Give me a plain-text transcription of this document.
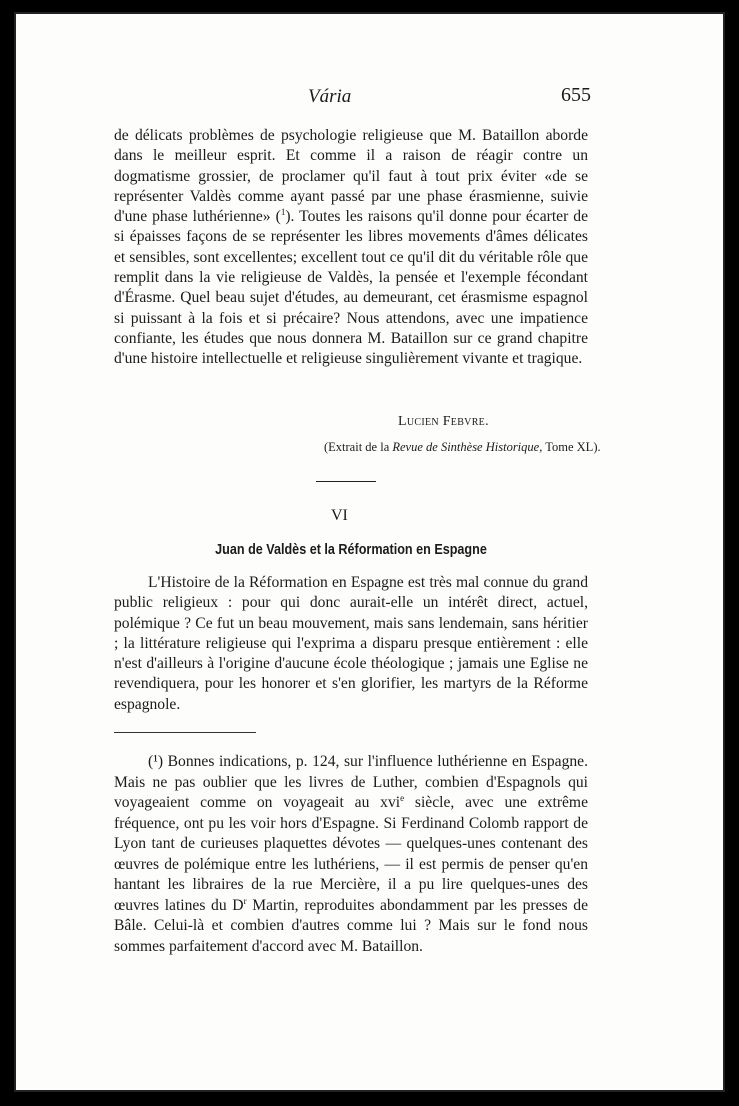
Vária	655

de délicats problèmes de psychologie religieuse que M. Bataillon aborde dans le meilleur esprit. Et comme il a raison de réagir contre un dogmatisme grossier, de proclamer qu'il faut à tout prix éviter «de se représenter Valdès comme ayant passé par une phase érasmienne, suivie d'une phase luthérienne» ($^1$). Toutes les raisons qu'il donne pour écarter de si épaisses façons de se représenter les libres movements d'âmes délicates et sensibles, sont excellentes; excellent tout ce qu'il dit du véritable rôle que remplit dans la vie religieuse de Valdès, la pensée et l'exemple fécondant d'Érasme. Quel beau sujet d'études, au demeurant, cet érasmisme espagnol si puissant à la fois et si précaire? Nous attendons, avec une impatience confiante, les études que nous donnera M. Bataillon sur ce grand chapitre d'une histoire intellectuelle et religieuse singulièrement vivante et tragique.

Lucien Febvre.
(Extrait de la Revue de Sinthèse Historique, Tome XL).
VI
Juan de Valdès et la Réformation en Espagne

L'Histoire de la Réformation en Espagne est très mal connue du grand public religieux : pour qui donc aurait-elle un intérêt direct, actuel, polémique ? Ce fut un beau mouvement, mais sans lendemain, sans héritier ; la littérature religieuse qui l'exprima a disparu presque entièrement : elle n'est d'ailleurs à l'origine d'aucune école théologique ; jamais une Eglise ne revendiquera, pour les honorer et s'en glorifier, les martyrs de la Réforme espagnole.

(¹) Bonnes indications, p. 124, sur l'influence luthérienne en Espagne. Mais ne pas oublier que les livres de Luther, combien d'Espagnols qui voyageaient comme on voyageait au xvi$^e$ siècle, avec une extrême fréquence, ont pu les voir hors d'Espagne. Si Ferdinand Colomb rapport de Lyon tant de curieuses plaquettes dévotes — quelques-unes contenant des œuvres de polémique entre les luthériens, — il est permis de penser qu'en hantant les libraires de la rue Mercière, il a pu lire quelques-unes des œuvres latines du $D^r$ Martin, reproduites abondamment par les presses de Bâle. Celui-là et combien d'autres comme lui ? Mais sur le fond nous sommes parfaitement d'accord avec M. Bataillon.
